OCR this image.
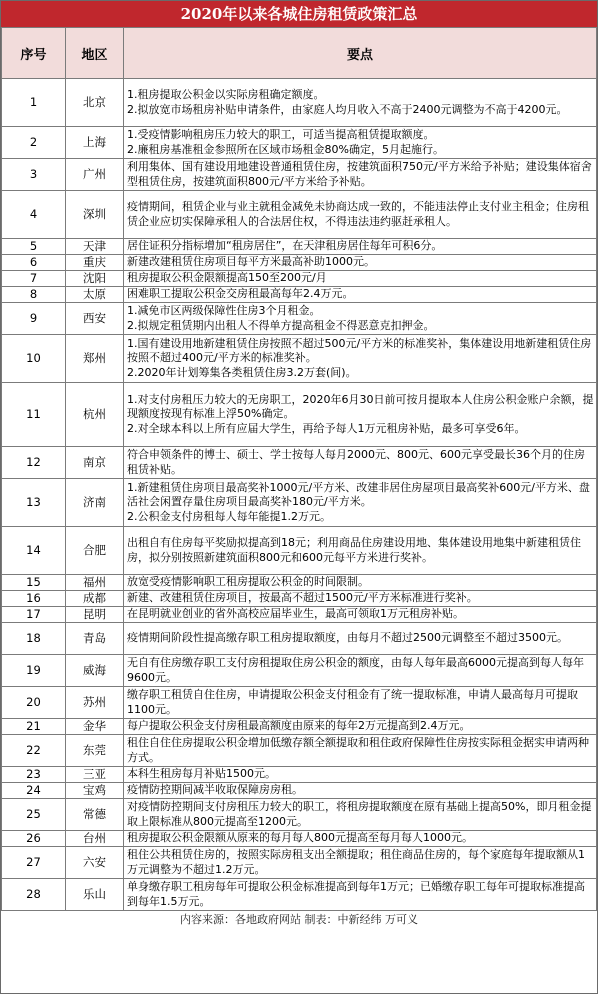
2020年以来各城住房租赁政策汇总
序号	地区	要点
1	北京	1.租房提取公积金以实际房租确定额度。
2.拟放宽市场租房补贴申请条件，由家庭人均月收入不高于2400元调整为不高于4200元。

2	上海	1.受疫情影响租房压力较大的职工，可适当提高租赁提取额度。
2.廉租房基准租金参照所在区域市场租金80%确定，5月起施行。

3	广州	利用集体、国有建设用地建设普通租赁住房，按建筑面积750元/平方米给予补贴；建设集体宿舍型租赁住房，按建筑面积800元/平方米给予补贴。

4	深圳	疫情期间，租赁企业与业主就租金减免未协商达成一致的，不能违法停止支付业主租金；住房租赁企业应切实保障承租人的合法居住权，不得违法违约驱赶承租人。

5	天津	居住证积分指标增加“租房居住”，在天津租房居住每年可积6分。

6	重庆	新建改建租赁住房项目每平方米最高补助1000元。

7	沈阳	租房提取公积金限额提高150至200元/月

8	太原	困难职工提取公积金交房租最高每年2.4万元。

9	西安	1.减免市区两级保障性住房3个月租金。
2.拟规定租赁期内出租人不得单方提高租金不得恶意克扣押金。

10	郑州	1.国有建设用地新建租赁住房按照不超过500元/平方米的标准奖补，集体建设用地新建租赁住房按照不超过400元/平方米的标准奖补。
2.2020年计划筹集各类租赁住房3.2万套(间)。

11	杭州	1.对支付房租压力较大的无房职工，2020年6月30日前可按月提取本人住房公积金账户余额，提现额度按现有标准上浮50%确定。
2.对全球本科以上所有应届大学生，再给予每人1万元租房补贴，最多可享受6年。

12	南京	符合申领条件的博士、硕士、学士按每人每月2000元、800元、600元享受最长36个月的住房租赁补贴。

13	济南	1.新建租赁住房项目最高奖补1000元/平方米、改建非居住房屋项目最高奖补600元/平方米、盘活社会闲置存量住房项目最高奖补180元/平方米。
2.公积金支付房租每人每年能提1.2万元。

14	合肥	出租自有住房每平奖励拟提高到18元；利用商品住房建设用地、集体建设用地集中新建租赁住房，拟分别按照新建筑面积800元和600元每平方米进行奖补。

15	福州	放宽受疫情影响职工租房提取公积金的时间限制。

16	成都	新建、改建租赁住房项目，按最高不超过1500元/平方米标准进行奖补。

17	昆明	在昆明就业创业的省外高校应届毕业生，最高可领取1万元租房补贴。

18	青岛	疫情期间阶段性提高缴存职工租房提取额度，由每月不超过2500元调整至不超过3500元。

19	威海	无自有住房缴存职工支付房租提取住房公积金的额度，由每人每年最高6000元提高到每人每年9600元。

20	苏州	缴存职工租赁自住住房，申请提取公积金支付租金有了统一提取标准，申请人最高每月可提取1100元。

21	金华	每户提取公积金支付房租最高额度由原来的每年2万元提高到2.4万元。

22	东莞	租住自住住房提取公积金增加低缴存额全额提取和租住政府保障性住房按实际租金据实申请两种方式。

23	三亚	本科生租房每月补贴1500元。

24	宝鸡	疫情防控期间减半收取保障房房租。

25	常德	对疫情防控期间支付房租压力较大的职工，将租房提取额度在原有基础上提高50%，即月租金提取上限标准从800元提高至1200元。

26	台州	租房提取公积金限额从原来的每月每人800元提高至每月每人1000元。

27	六安	租住公共租赁住房的，按照实际房租支出全额提取；租住商品住房的，每个家庭每年提取额从1万元调整为不超过1.2万元。

28	乐山	单身缴存职工租房每年可提取公积金标准提高到每年1万元；已婚缴存职工每年可提取标准提高到每年1.5万元。
内容来源：各地政府网站 制表：中新经纬 万可义
